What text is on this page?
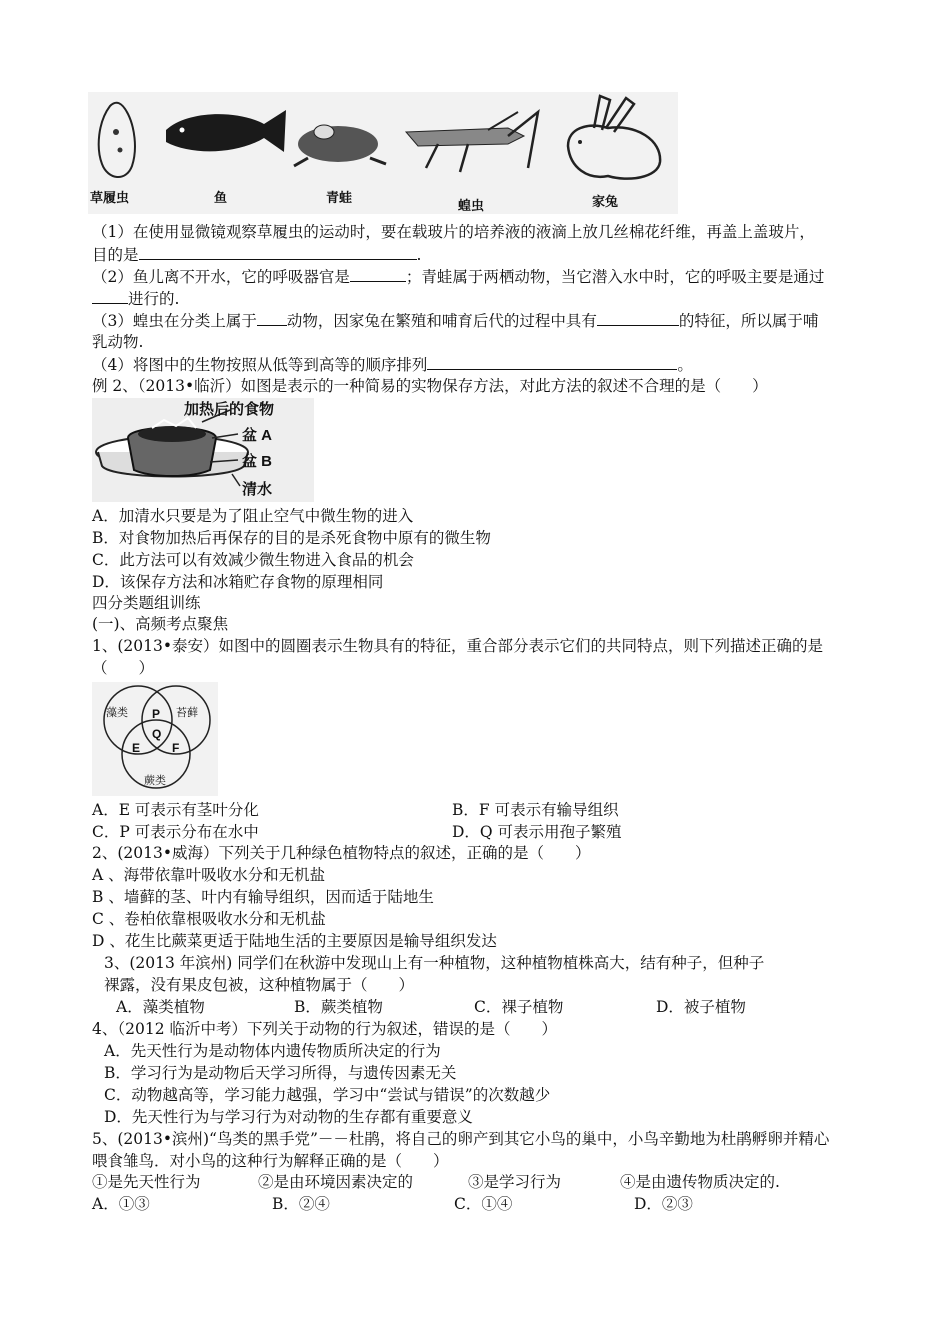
草履虫	鱼	青蛙
蝗虫	家兔
（1）在使用显微镜观察草履虫的运动时，要在载玻片的培养液的液滴上放几丝棉花纤维，再盖上盖玻片，
目的是	.
（2）鱼儿离不开水，它的呼吸器官是	；青蛙属于两栖动物，当它潜入水中时，它的呼吸主要是通过
进行的.
（3）蝗虫在分类上属于 动物，因家兔在繁殖和哺育后代的过程中具有	的特征，所以属于哺
乳动物.
（4）将图中的生物按照从低等到高等的顺序排列	。
例 2、（2013•临沂）如图是表示的一种简易的实物保存方法，对此方法的叙述不合理的是（　　）
加热后的食物
盆 A
盆 B
清水
A．加清水只要是为了阻止空气中微生物的进入
B．对食物加热后再保存的目的是杀死食物中原有的微生物
C．此方法可以有效减少微生物进入食品的机会
D．该保存方法和冰箱贮存食物的原理相同
四分类题组训练
(一)、高频考点聚焦
1、(2013•泰安）如图中的圆圈表示生物具有的特征，重合部分表示它们的共同特点，则下列描述正确的是
（　　）
藻类	苔藓
蕨类
P
Q
E	F
A．E 可表示有茎叶分化	B．F 可表示有输导组织
C．P 可表示分布在水中	D．Q 可表示用孢子繁殖
2、(2013•威海）下列关于几种绿色植物特点的叙述，正确的是（　　）
A 、海带依靠叶吸收水分和无机盐
B 、墙藓的茎、叶内有输导组织，因而适于陆地生
C 、卷柏依靠根吸收水分和无机盐
D 、花生比蕨菜更适于陆地生活的主要原因是输导组织发达
3、(2013 年滨州) 同学们在秋游中发现山上有一种植物，这种植物植株高大，结有种子，但种子
裸露，没有果皮包被，这种植物属于（　　）
A．藻类植物	B．蕨类植物	C．裸子植物	D．被子植物
4、（2012 临沂中考）下列关于动物的行为叙述，错误的是（　　）
A．先天性行为是动物体内遗传物质所决定的行为
B．学习行为是动物后天学习所得，与遗传因素无关
C．动物越高等，学习能力越强，学习中“尝试与错误”的次数越少
D．先天性行为与学习行为对动物的生存都有重要意义
5、(2013•滨州)“鸟类的黑手党”－－杜鹃，将自己的卵产到其它小鸟的巢中，小鸟辛勤地为杜鹃孵卵并精心
喂食雏鸟．对小鸟的这种行为解释正确的是（　　）
①是先天性行为	②是由环境因素决定的	③是学习行为	④是由遗传物质决定的.
A．①③	B．②④	C．①④	D．②③
